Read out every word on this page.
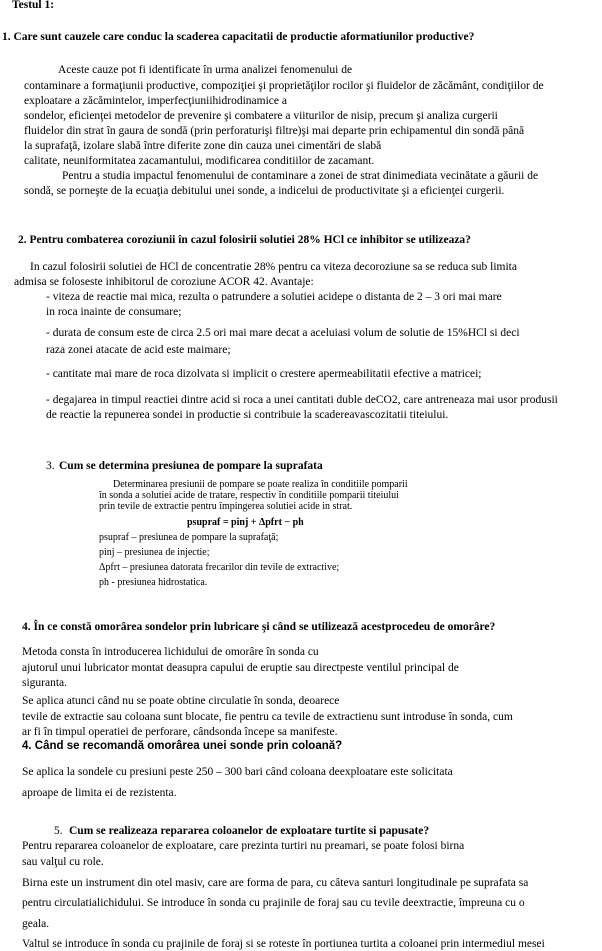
Testul 1:

1. Care sunt cauzele care conduc la scaderea capacitatii de productie aformatiunilor productive?

Aceste cauze pot fi identificate în urma analizei fenomenului de

contaminare a formaţiunii productive, compoziţiei şi proprietăţilor rocilor şi fluidelor de zăcământ, condiţiilor de

exploatare a zăcămintelor, imperfecţiuniihidrodinamice a

sondelor, eficienţei metodelor de prevenire şi combatere a viiturilor de nisip, precum şi analiza curgerii

fluidelor din strat în gaura de sondă (prin perforaturişi filtre)şi mai departe prin echipamentul din sondă până

la suprafaţă, izolare slabă între diferite zone din cauza unei cimentări de slabă

calitate, neuniformitatea zacamantului, modificarea conditiilor de zacamant.

Pentru a studia impactul fenomenului de contaminare a zonei de strat dinimediata vecinătate a găurii de

sondă, se porneşte de la ecuaţia debitului unei sonde, a indicelui de productivitate şi a eficienţei curgerii.

2. Pentru combaterea coroziunii în cazul folosirii solutiei 28% HCl ce inhibitor se utilizeaza?

In cazul folosirii solutiei de HCl de concentratie 28% pentru ca viteza decoroziune sa se reduca sub limita

admisa se foloseste inhibitorul de coroziune ACOR 42. Avantaje:

- viteza de reactie mai mica, rezulta o patrundere a solutiei acidepe o distanta de 2 – 3 ori mai mare

in roca inainte de consumare;

- durata de consum este de circa 2.5 ori mai mare decat a aceluiasi volum de solutie de 15%HCl si deci

raza zonei atacate de acid este maimare;

- cantitate mai mare de roca dizolvata si implicit o crestere apermeabilitatii efective a matricei;

- degajarea in timpul reactiei dintre acid si roca a unei cantitati duble deCO2, care antreneaza mai usor produsii

de reactie la repunerea sondei in productie si contribuie la scadereavascozitatii titeiului.

3. Cum se determina presiunea de pompare la suprafata

Determinarea presiunii de pompare se poate realiza în conditiile pomparii

în sonda a solutiei acide de tratare, respectiv în conditiile pomparii titeiului

prin tevile de extractie pentru împingerea solutiei acide in strat.

psupraf = pinj + Δpfrt − ph

psupraf – presiunea de pompare la suprafaţă;

pinj – presiunea de injectie;

Δpfrt – presiunea datorata frecarilor din tevile de extractive;

ph - presiunea hidrostatica.

4. În ce constă omorârea sondelor prin lubricare şi când se utilizează acestprocedeu de omorâre?

Metoda consta în introducerea lichidului de omorâre în sonda cu

ajutorul unui lubricator montat deasupra capului de eruptie sau directpeste ventilul principal de

siguranta.

Se aplica atunci când nu se poate obtine circulatie în sonda, deoarece

tevile de extractie sau coloana sunt blocate, fie pentru ca tevile de extractienu sunt introduse în sonda, cum

ar fi în timpul operatiei de perforare, cândsonda începe sa manifeste.

4. Când se recomandă omorârea unei sonde prin coloană?

Se aplica la sondele cu presiuni peste 250 – 300 bari când coloana deexploatare este solicitata

aproape de limita ei de rezistenta.

5. Cum se realizeaza repararea coloanelor de exploatare turtite si papusate?

Pentru repararea coloanelor de exploatare, care prezinta turtiri nu preamari, se poate folosi birna

sau valţul cu role.

Birna este un instrument din otel masiv, care are forma de para, cu câteva santuri longitudinale pe suprafata sa

pentru circulatialichidului. Se introduce în sonda cu prajinile de foraj sau cu tevile deextractie, împreuna cu o

geala.

Valtul se introduce în sonda cu prajinile de foraj si se roteste în portiunea turtita a coloanei prin intermediul mesei
